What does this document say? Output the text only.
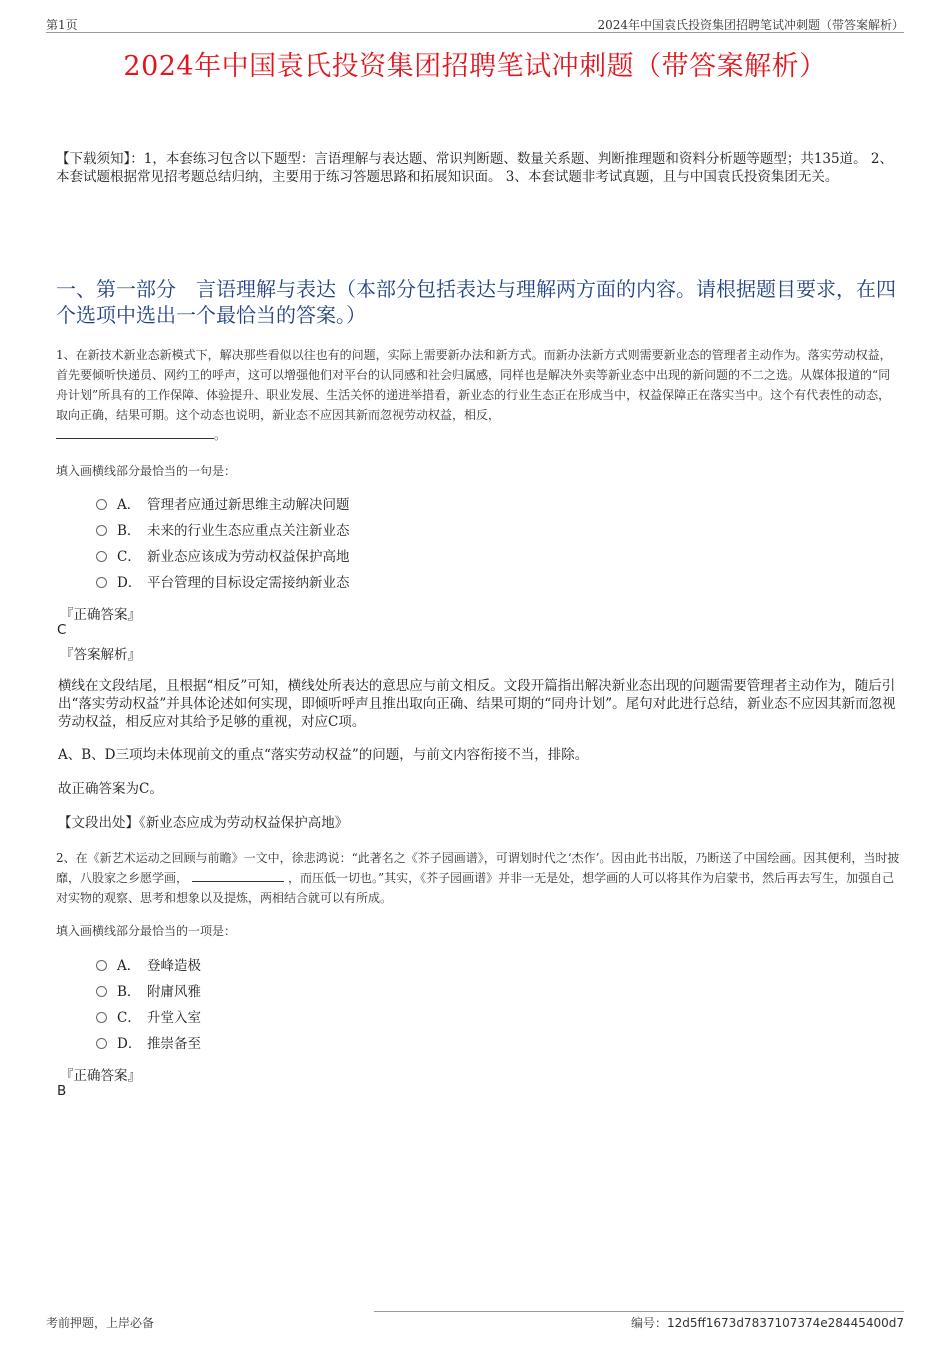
第1页	2024年中国袁氏投资集团招聘笔试冲刺题（带答案解析）
2024年中国袁氏投资集团招聘笔试冲刺题（带答案解析）
【下载须知】：1，本套练习包含以下题型：言语理解与表达题、常识判断题、数量关系题、判断推理题和资料分析题等题型；共135道。 2、本套试题根据常见招考题总结归纳，主要用于练习答题思路和拓展知识面。 3、本套试题非考试真题，且与中国袁氏投资集团无关。
一、第一部分　言语理解与表达（本部分包括表达与理解两方面的内容。请根据题目要求，在四个选项中选出一个最恰当的答案。）
1、在新技术新业态新模式下，解决那些看似以往也有的问题，实际上需要新办法和新方式。而新办法新方式则需要新业态的管理者主动作为。落实劳动权益，首先要倾听快递员、网约工的呼声，这可以增强他们对平台的认同感和社会归属感，同样也是解决外卖等新业态中出现的新问题的不二之选。从媒体报道的“同舟计划”所具有的工作保障、体验提升、职业发展、生活关怀的递进举措看，新业态的行业生态正在形成当中，权益保障正在落实当中。这个有代表性的动态，取向正确，结果可期。这个动态也说明，新业态不应因其新而忽视劳动权益，相反，
。
填入画横线部分最恰当的一句是：
A． 管理者应通过新思维主动解决问题
B． 未来的行业生态应重点关注新业态
C． 新业态应该成为劳动权益保护高地
D． 平台管理的目标设定需接纳新业态
『正确答案』
C
『答案解析』
横线在文段结尾，且根据“相反”可知，横线处所表达的意思应与前文相反。文段开篇指出解决新业态出现的问题需要管理者主动作为，随后引出“落实劳动权益”并具体论述如何实现，即倾听呼声且推出取向正确、结果可期的“同舟计划”。尾句对此进行总结，新业态不应因其新而忽视劳动权益，相反应对其给予足够的重视，对应C项。
A、B、D三项均未体现前文的重点“落实劳动权益”的问题，与前文内容衔接不当，排除。
故正确答案为C。
【文段出处】《新业态应成为劳动权益保护高地》
2、在《新艺术运动之回顾与前瞻》一文中，徐悲鸿说：“此著名之《芥子园画谱》，可谓划时代之‘杰作’。因由此书出版，乃断送了中国绘画。因其便利，当时披靡，八股家之乡愿学画，	，而压低一切也。”其实，《芥子园画谱》并非一无是处，想学画的人可以将其作为启蒙书，然后再去写生，加强自己对实物的观察、思考和想象以及提炼，两相结合就可以有所成。
填入画横线部分最恰当的一项是：
A． 登峰造极
B． 附庸风雅
C． 升堂入室
D． 推崇备至
『正确答案』
B
考前押题，上岸必备	编号：12d5ff1673d7837107374e28445400d7
